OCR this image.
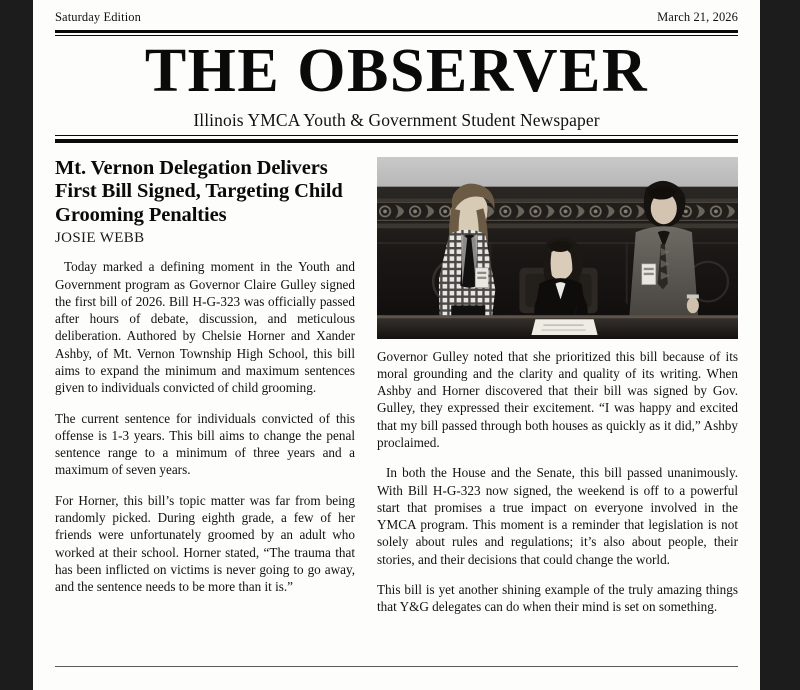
Saturday Edition	March 21, 2026
THE OBSERVER
Illinois YMCA Youth & Government Student Newspaper
Mt. Vernon Delegation Delivers First Bill Signed, Targeting Child Grooming Penalties
JOSIE WEBB

Today marked a defining moment in the Youth and Government program as Governor Claire Gulley signed the first bill of 2026. Bill H-G-323 was officially passed after hours of debate, discussion, and meticulous deliberation. Authored by Chelsie Horner and Xander Ashby, of Mt. Vernon Township High School, this bill aims to expand the minimum and maximum sentences given to individuals convicted of child grooming.

The current sentence for individuals convicted of this offense is 1-3 years. This bill aims to change the penal sentence range to a minimum of three years and a maximum of seven years.

For Horner, this bill’s topic matter was far from being randomly picked. During eighth grade, a few of her friends were unfortunately groomed by an adult who worked at their school. Horner stated, “The trauma that has been inflicted on victims is never going to go away, and the sentence needs to be more than it is.”

Governor Gulley noted that she prioritized this bill because of its moral grounding and the clarity and quality of its writing. When Ashby and Horner discovered that their bill was signed by Gov. Gulley, they expressed their excitement. “I was happy and excited that my bill passed through both houses as quickly as it did,” Ashby proclaimed.

In both the House and the Senate, this bill passed unanimously. With Bill H-G-323 now signed, the weekend is off to a powerful start that promises a true impact on everyone involved in the YMCA program. This moment is a reminder that legislation is not solely about rules and regulations; it’s also about people, their stories, and their decisions that could change the world.

This bill is yet another shining example of the truly amazing things that Y&G delegates can do when their mind is set on something.
